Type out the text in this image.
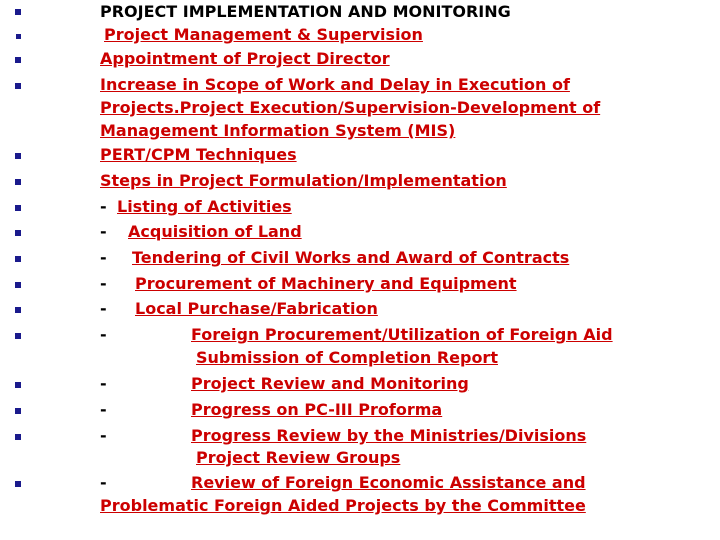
PROJECT IMPLEMENTATION AND MONITORING
Project Management & Supervision
Appointment of Project Director
Increase in Scope of Work and Delay in Execution of
Projects.Project Execution/Supervision-Development of
Management Information System (MIS)
PERT/CPM Techniques
Steps in Project Formulation/Implementation
- Listing of Activities
- Acquisition of Land
- Tendering of Civil Works and Award of Contracts
- Procurement of Machinery and Equipment
- Local Purchase/Fabrication
-	Foreign Procurement/Utilization of Foreign Aid
Submission of Completion Report
-	Project Review and Monitoring
-	Progress on PC-III Proforma
-	Progress Review by the Ministries/Divisions
Project Review Groups
-	Review of Foreign Economic Assistance and
Problematic Foreign Aided Projects by the Committee
